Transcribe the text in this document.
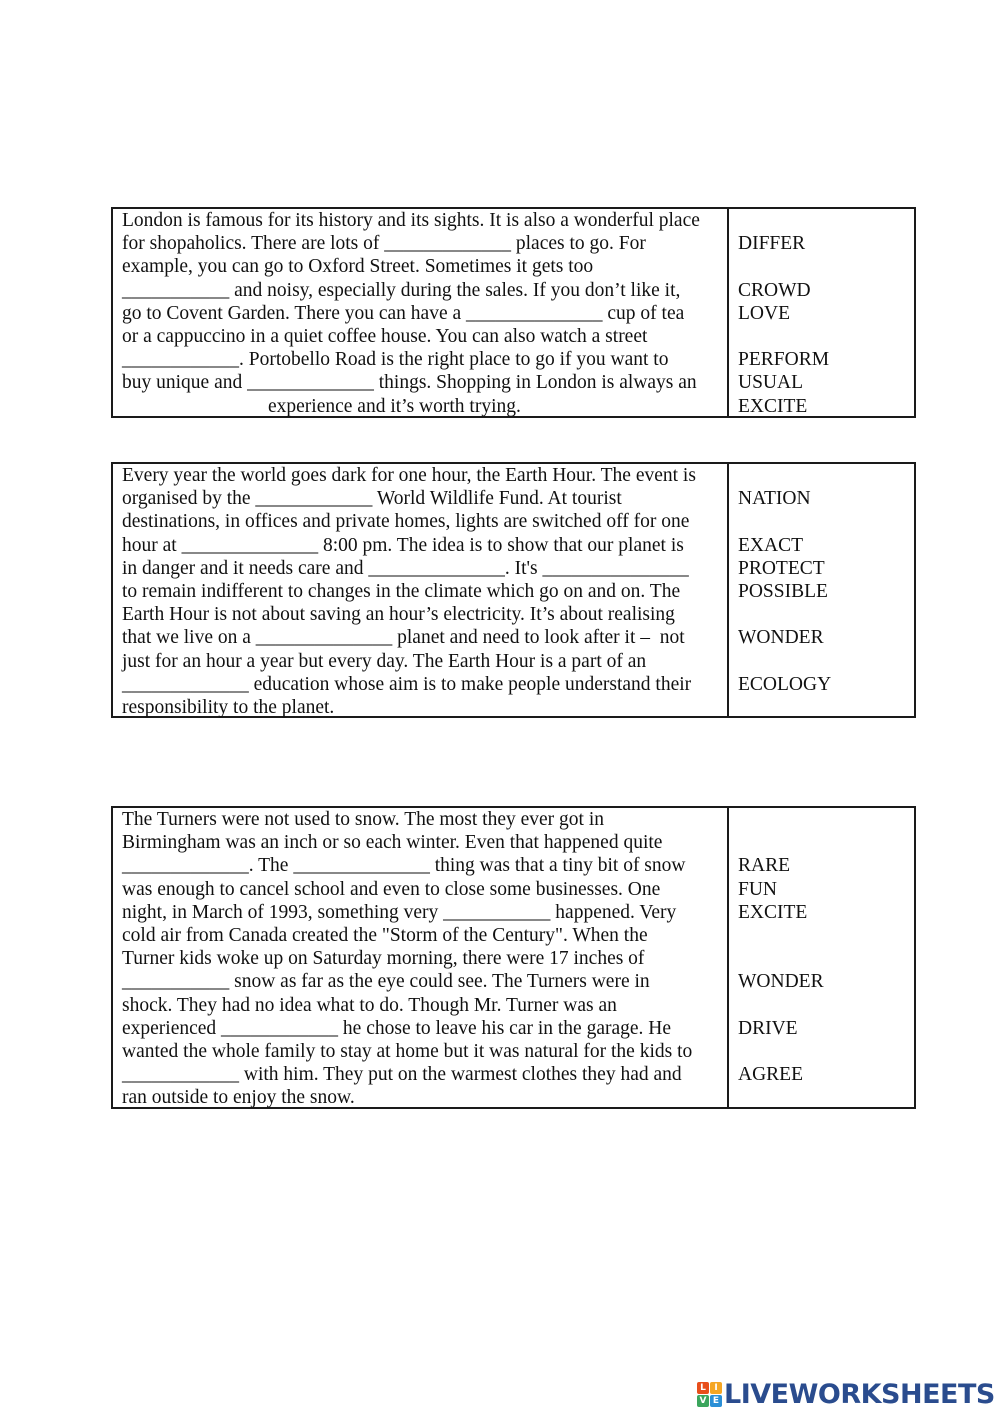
London is famous for its history and its sights. It is also a wonderful place
for shopaholics. There are lots of _____________ places to go. For
example, you can go to Oxford Street. Sometimes it gets too
___________ and noisy, especially during the sales. If you don’t like it,
go to Covent Garden. There you can have a ______________ cup of tea
or a cappuccino in a quiet coffee house. You can also watch a street
____________. Portobello Road is the right place to go if you want to
buy unique and _____________ things. Shopping in London is always an
experience and it’s worth trying.
DIFFER
CROWD
LOVE
PERFORM
USUAL
EXCITE
Every year the world goes dark for one hour, the Earth Hour. The event is
organised by the ____________ World Wildlife Fund. At tourist
destinations, in offices and private homes, lights are switched off for one
hour at ______________ 8:00 pm. The idea is to show that our planet is
in danger and it needs care and ______________. It's _______________
to remain indifferent to changes in the climate which go on and on. The
Earth Hour is not about saving an hour’s electricity. It’s about realising
that we live on a ______________ planet and need to look after it –  not
just for an hour a year but every day. The Earth Hour is a part of an
_____________ education whose aim is to make people understand their
responsibility to the planet.
NATION
EXACT
PROTECT
POSSIBLE
WONDER
ECOLOGY
The Turners were not used to snow. The most they ever got in
Birmingham was an inch or so each winter. Even that happened quite
_____________. The ______________ thing was that a tiny bit of snow
was enough to cancel school and even to close some businesses. One
night, in March of 1993, something very ___________ happened. Very
cold air from Canada created the "Storm of the Century". When the
Turner kids woke up on Saturday morning, there were 17 inches of
___________ snow as far as the eye could see. The Turners were in
shock. They had no idea what to do. Though Mr. Turner was an
experienced ____________ he chose to leave his car in the garage. He
wanted the whole family to stay at home but it was natural for the kids to
____________ with him. They put on the warmest clothes they had and
ran outside to enjoy the snow.
RARE
FUN
EXCITE
WONDER
DRIVE
AGREE
L I
V E LIVEWORKSHEETS
